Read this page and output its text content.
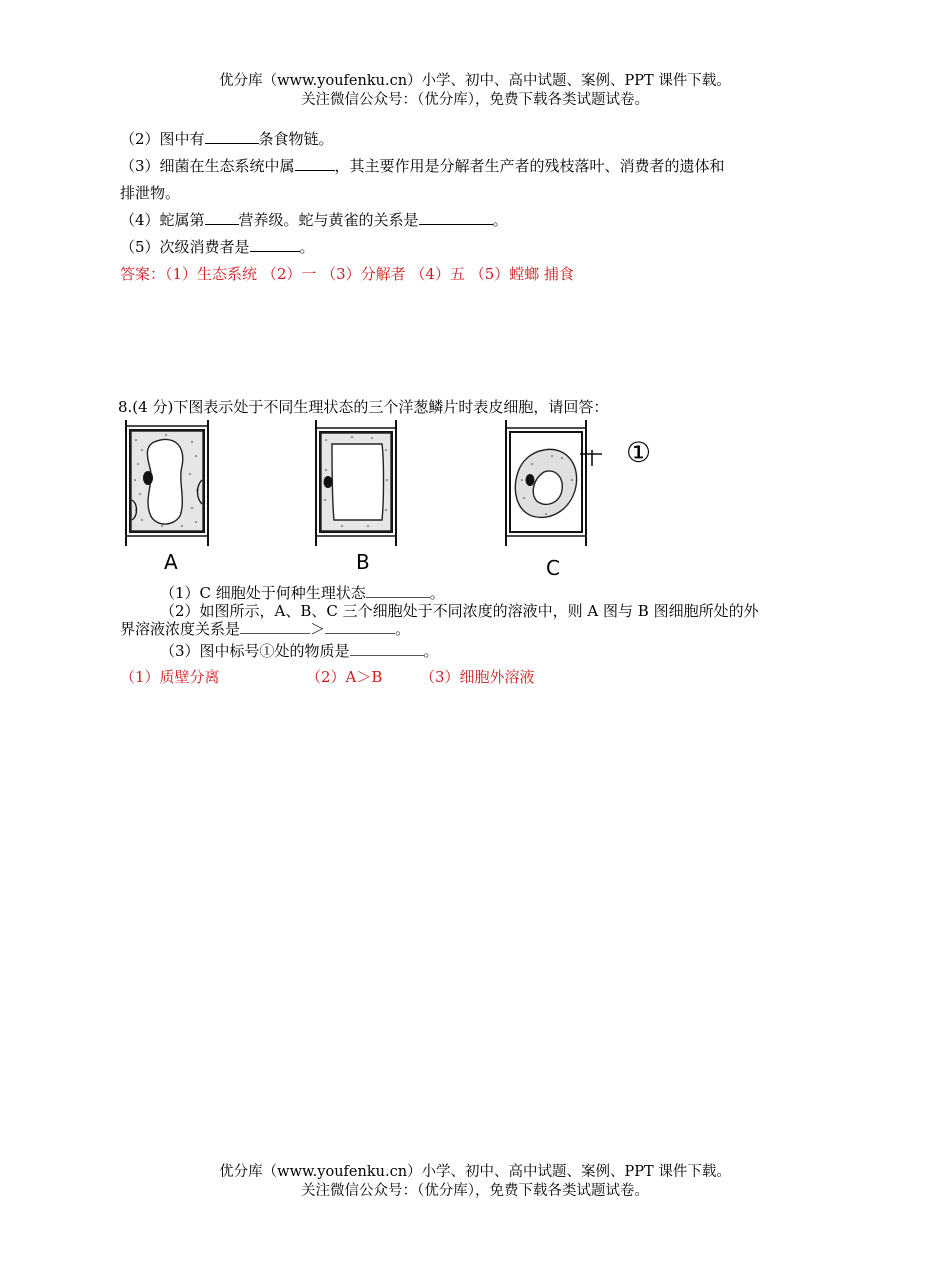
优分库（www.youfenku.cn）小学、初中、高中试题、案例、PPT 课件下载。
关注微信公众号：（优分库），免费下载各类试题试卷。
（2）图中有	条食物链。
（3）细菌在生态系统中属	，其主要作用是分解者生产者的残枝落叶、消费者的遗体和
排泄物。
（4）蛇属第 营养级。蛇与黄雀的关系是	。
（5）次级消费者是	。
答案：（1）生态系统 （2）一 （3）分解者 （4）五 （5）螳螂 捕食
8.(4 分)下图表示处于不同生理状态的三个洋葱鳞片时表皮细胞，请回答：
A	B	C
①
（1）C 细胞处于何种生理状态	。
（2）如图所示，A、B、C 三个细胞处于不同浓度的溶液中，则 A 图与 B 图细胞所处的外
界溶液浓度关系是	＞	。
（3）图中标号①处的物质是	。
（1）质壁分离	（2）A＞B	（3）细胞外溶液
优分库（www.youfenku.cn）小学、初中、高中试题、案例、PPT 课件下载。
关注微信公众号：（优分库），免费下载各类试题试卷。
